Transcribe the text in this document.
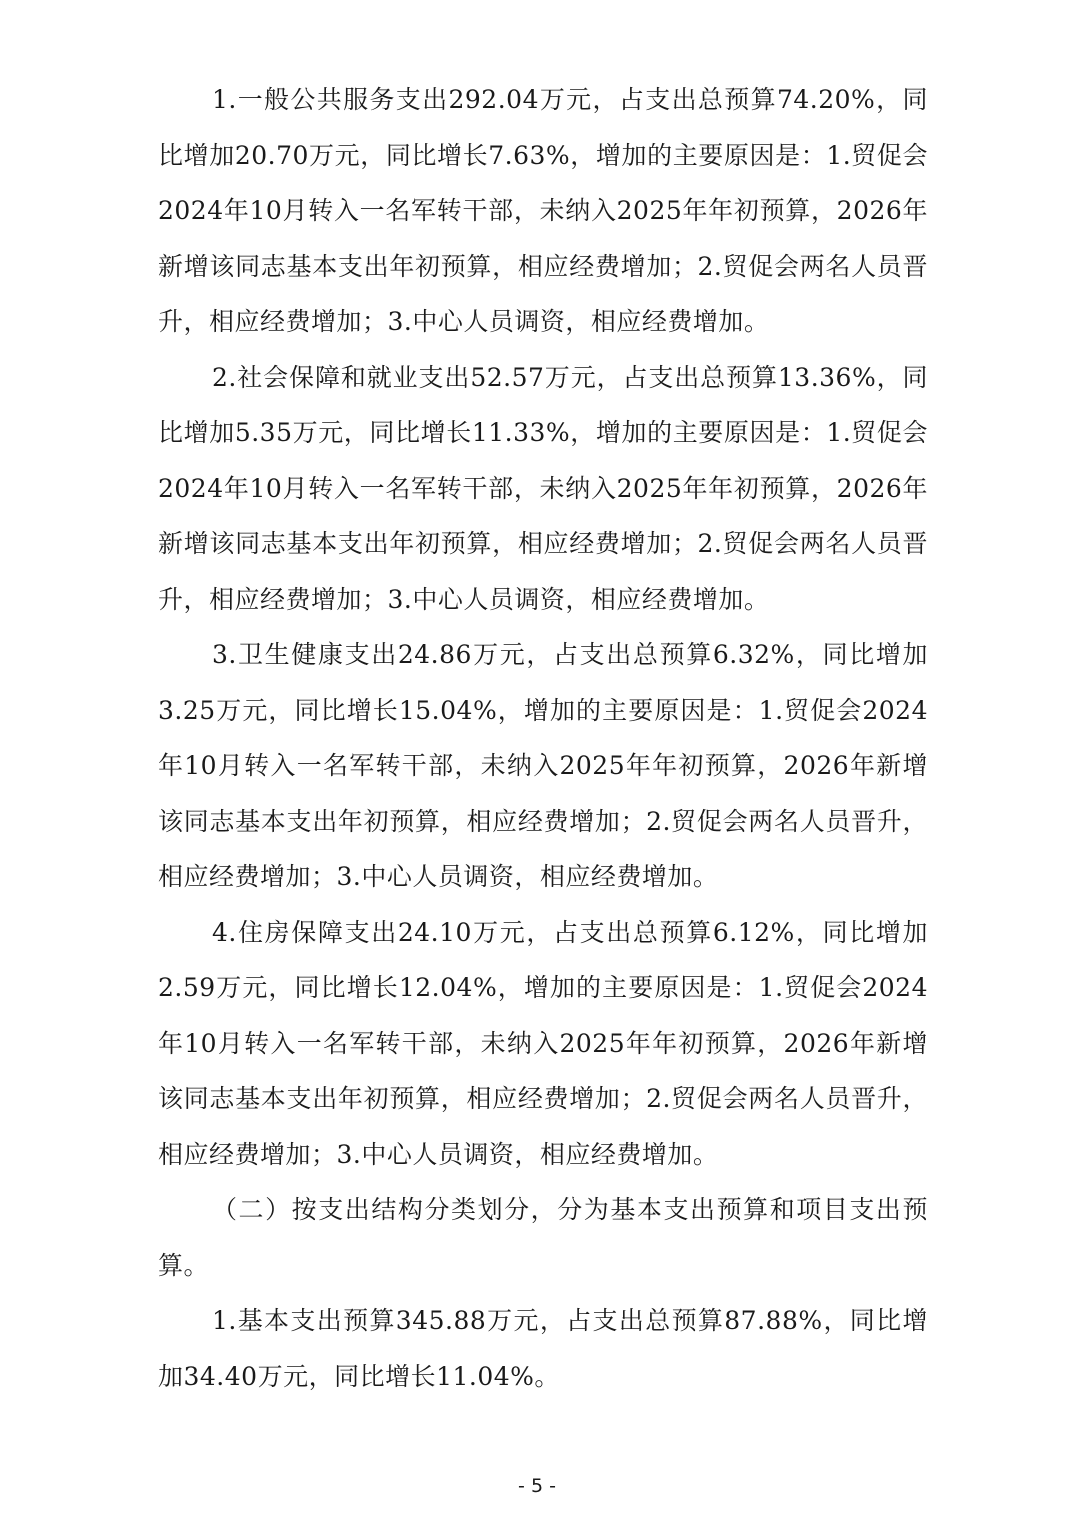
1.一般公共服务支出292.04万元，占支出总预算74.20%，同比增加20.70万元，同比增长7.63%，增加的主要原因是：1.贸促会2024年10月转入一名军转干部，未纳入2025年年初预算，2026年新增该同志基本支出年初预算，相应经费增加；2.贸促会两名人员晋升，相应经费增加；3.中心人员调资，相应经费增加。

2.社会保障和就业支出52.57万元，占支出总预算13.36%，同比增加5.35万元，同比增长11.33%，增加的主要原因是：1.贸促会2024年10月转入一名军转干部，未纳入2025年年初预算，2026年新增该同志基本支出年初预算，相应经费增加；2.贸促会两名人员晋升，相应经费增加；3.中心人员调资，相应经费增加。

3.卫生健康支出24.86万元，占支出总预算6.32%，同比增加3.25万元，同比增长15.04%，增加的主要原因是：1.贸促会2024年10月转入一名军转干部，未纳入2025年年初预算，2026年新增该同志基本支出年初预算，相应经费增加；2.贸促会两名人员晋升，相应经费增加；3.中心人员调资，相应经费增加。

4.住房保障支出24.10万元，占支出总预算6.12%，同比增加2.59万元，同比增长12.04%，增加的主要原因是：1.贸促会2024年10月转入一名军转干部，未纳入2025年年初预算，2026年新增该同志基本支出年初预算，相应经费增加；2.贸促会两名人员晋升，相应经费增加；3.中心人员调资，相应经费增加。

（二）按支出结构分类划分，分为基本支出预算和项目支出预算。

1.基本支出预算345.88万元，占支出总预算87.88%，同比增加34.40万元，同比增长11.04%。

- 5 -
